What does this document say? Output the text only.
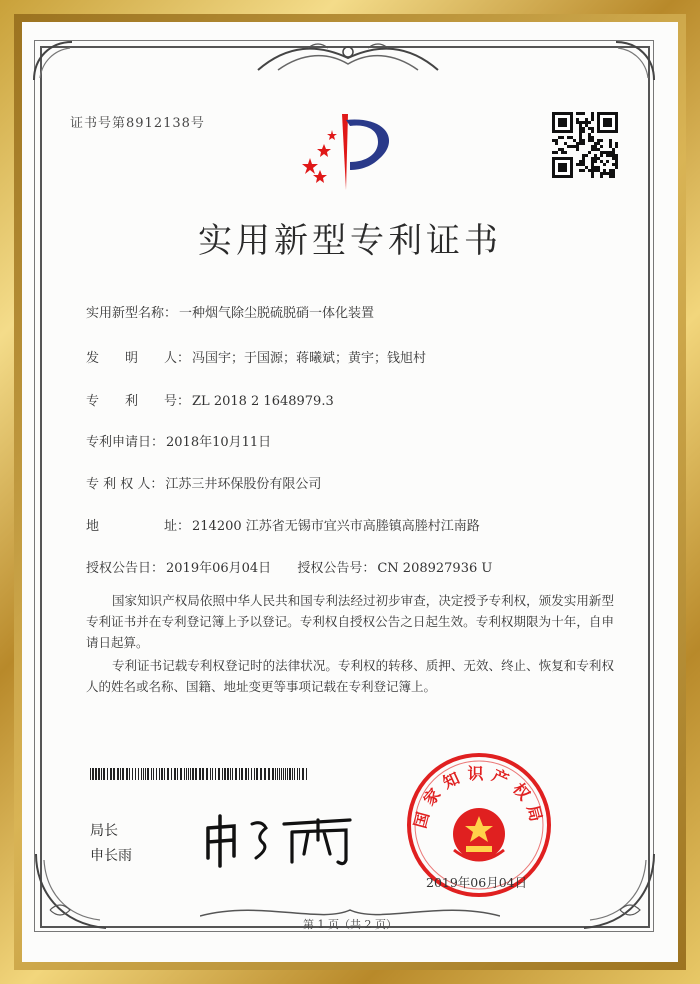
证书号第8912138号
实用新型专利证书
实用新型名称： 一种烟气除尘脱硫脱硝一体化装置
发　　明　　人： 冯国宇；于国源；蒋曦斌；黄宇；钱旭村
专　　利　　号： ZL 2018 2 1648979.3
专利申请日： 2018年10月11日
专 利 权 人： 江苏三井环保股份有限公司
地　　　　　址： 214200 江苏省无锡市宜兴市高塍镇高塍村江南路
授权公告日： 2019年06月04日 授权公告号： CN 208927936 U
国家知识产权局依照中华人民共和国专利法经过初步审查，决定授予专利权，颁发实用新型专利证书并在专利登记簿上予以登记。专利权自授权公告之日起生效。专利权期限为十年，自申请日起算。
专利证书记载专利权登记时的法律状况。专利权的转移、质押、无效、终止、恢复和专利权人的姓名或名称、国籍、地址变更等事项记载在专利登记簿上。
局长
申长雨
国家知识产权局
2019年06月04日
第 1 页（共 2 页）
